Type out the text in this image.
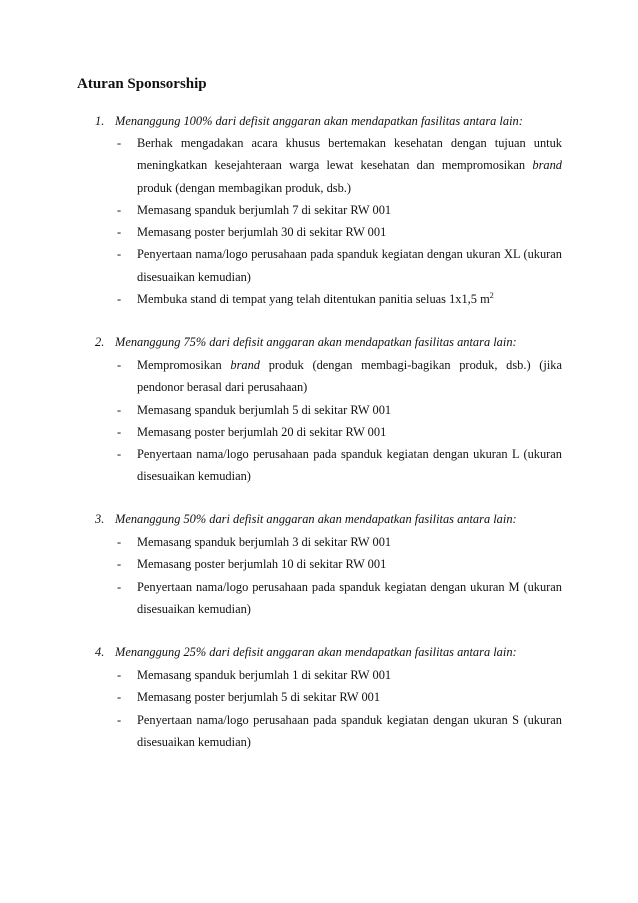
Aturan Sponsorship
1. Menanggung 100% dari defisit anggaran akan mendapatkan fasilitas antara lain:
- Berhak mengadakan acara khusus bertemakan kesehatan dengan tujuan untuk meningkatkan kesejahteraan warga lewat kesehatan dan mempromosikan brand produk (dengan membagikan produk, dsb.)
- Memasang spanduk berjumlah 7 di sekitar RW 001
- Memasang poster berjumlah 30 di sekitar RW 001
- Penyertaan nama/logo perusahaan pada spanduk kegiatan dengan ukuran XL (ukuran disesuaikan kemudian)
- Membuka stand di tempat yang telah ditentukan panitia seluas 1x1,5 $m^2$
2. Menanggung 75% dari defisit anggaran akan mendapatkan fasilitas antara lain:
- Mempromosikan brand produk (dengan membagi-bagikan produk, dsb.) (jika pendonor berasal dari perusahaan)
- Memasang spanduk berjumlah 5 di sekitar RW 001
- Memasang poster berjumlah 20 di sekitar RW 001
- Penyertaan nama/logo perusahaan pada spanduk kegiatan dengan ukuran L (ukuran disesuaikan kemudian)
3. Menanggung 50% dari defisit anggaran akan mendapatkan fasilitas antara lain:
- Memasang spanduk berjumlah 3 di sekitar RW 001
- Memasang poster berjumlah 10 di sekitar RW 001
- Penyertaan nama/logo perusahaan pada spanduk kegiatan dengan ukuran M (ukuran disesuaikan kemudian)
4. Menanggung 25% dari defisit anggaran akan mendapatkan fasilitas antara lain:
- Memasang spanduk berjumlah 1 di sekitar RW 001
- Memasang poster berjumlah 5 di sekitar RW 001
- Penyertaan nama/logo perusahaan pada spanduk kegiatan dengan ukuran S (ukuran disesuaikan kemudian)
